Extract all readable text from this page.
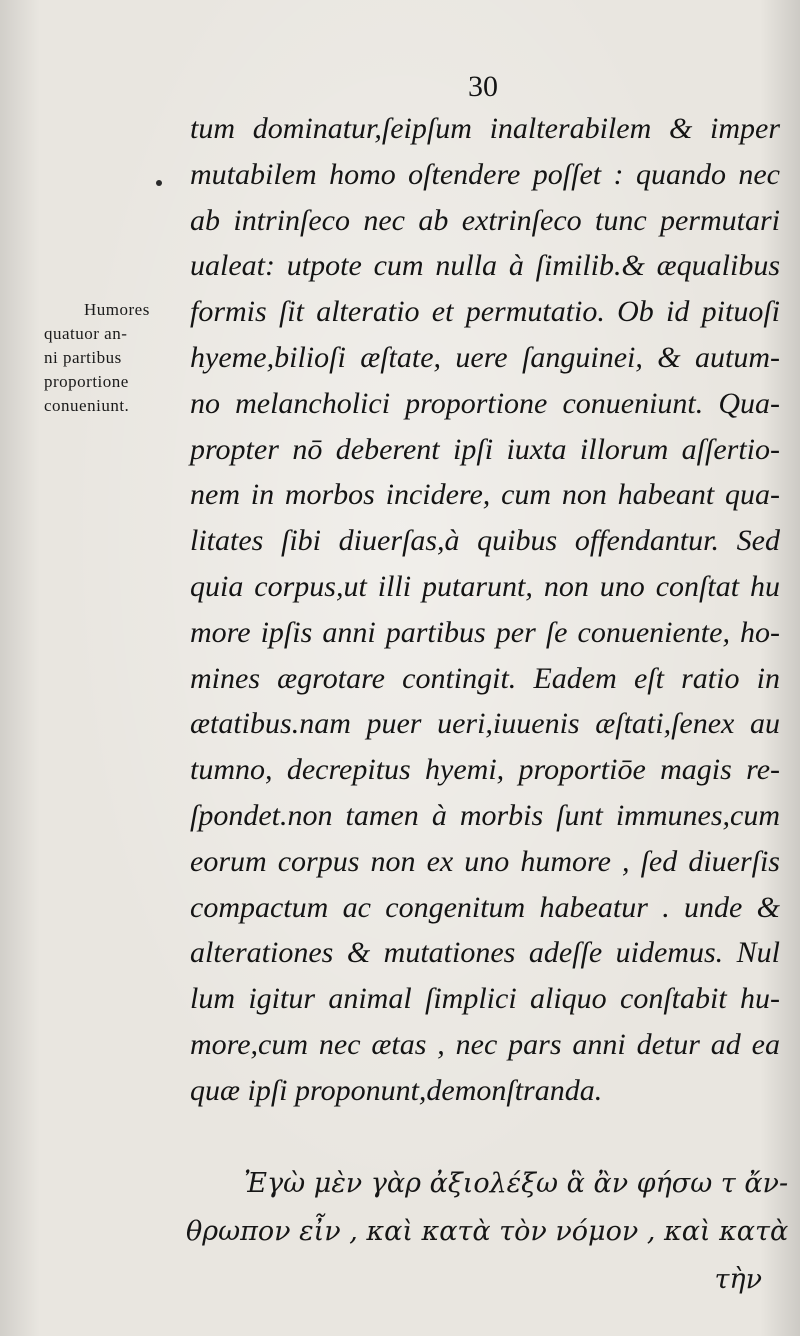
30
Humores
quatuor an-
ni partibus
proportione
conueniunt.
tum dominatur,ſeipſum inalterabilem & imper
mutabilem homo oſtendere poſſet : quando nec
ab intrinſeco nec ab extrinſeco tunc permutari
ualeat: utpote cum nulla à ſimilib.& æqualibus
formis ſit alteratio et permutatio. Ob id pituoſi
hyeme,bilioſi æſtate, uere ſanguinei, & autum-
no melancholici proportione conueniunt. Qua-
propter nō deberent ipſi iuxta illorum aſſertio-
nem in morbos incidere, cum non habeant qua-
litates ſibi diuerſas,à quibus offendantur. Sed
quia corpus,ut illi putarunt, non uno conſtat hu
more ipſis anni partibus per ſe conueniente, ho-
mines ægrotare contingit. Eadem eſt ratio in
ætatibus.nam puer ueri,iuuenis æſtati,ſenex au
tumno, decrepitus hyemi, proportiōe magis re-
ſpondet.non tamen à morbis ſunt immunes,cum
eorum corpus non ex uno humore , ſed diuerſis
compactum ac congenitum habeatur . unde &
alterationes & mutationes adeſſe uidemus. Nul
lum igitur animal ſimplici aliquo conſtabit hu-
more,cum nec ætas , nec pars anni detur ad ea
quæ ipſi proponunt,demonſtranda.
Ἐγὼ μὲν γὰρ ἀξιολέξω ἃ ἂν φήσω τ ἄν-
θρωπον εἶν , καὶ κατὰ τὸν νόμον , καὶ κατὰ
τὴν
